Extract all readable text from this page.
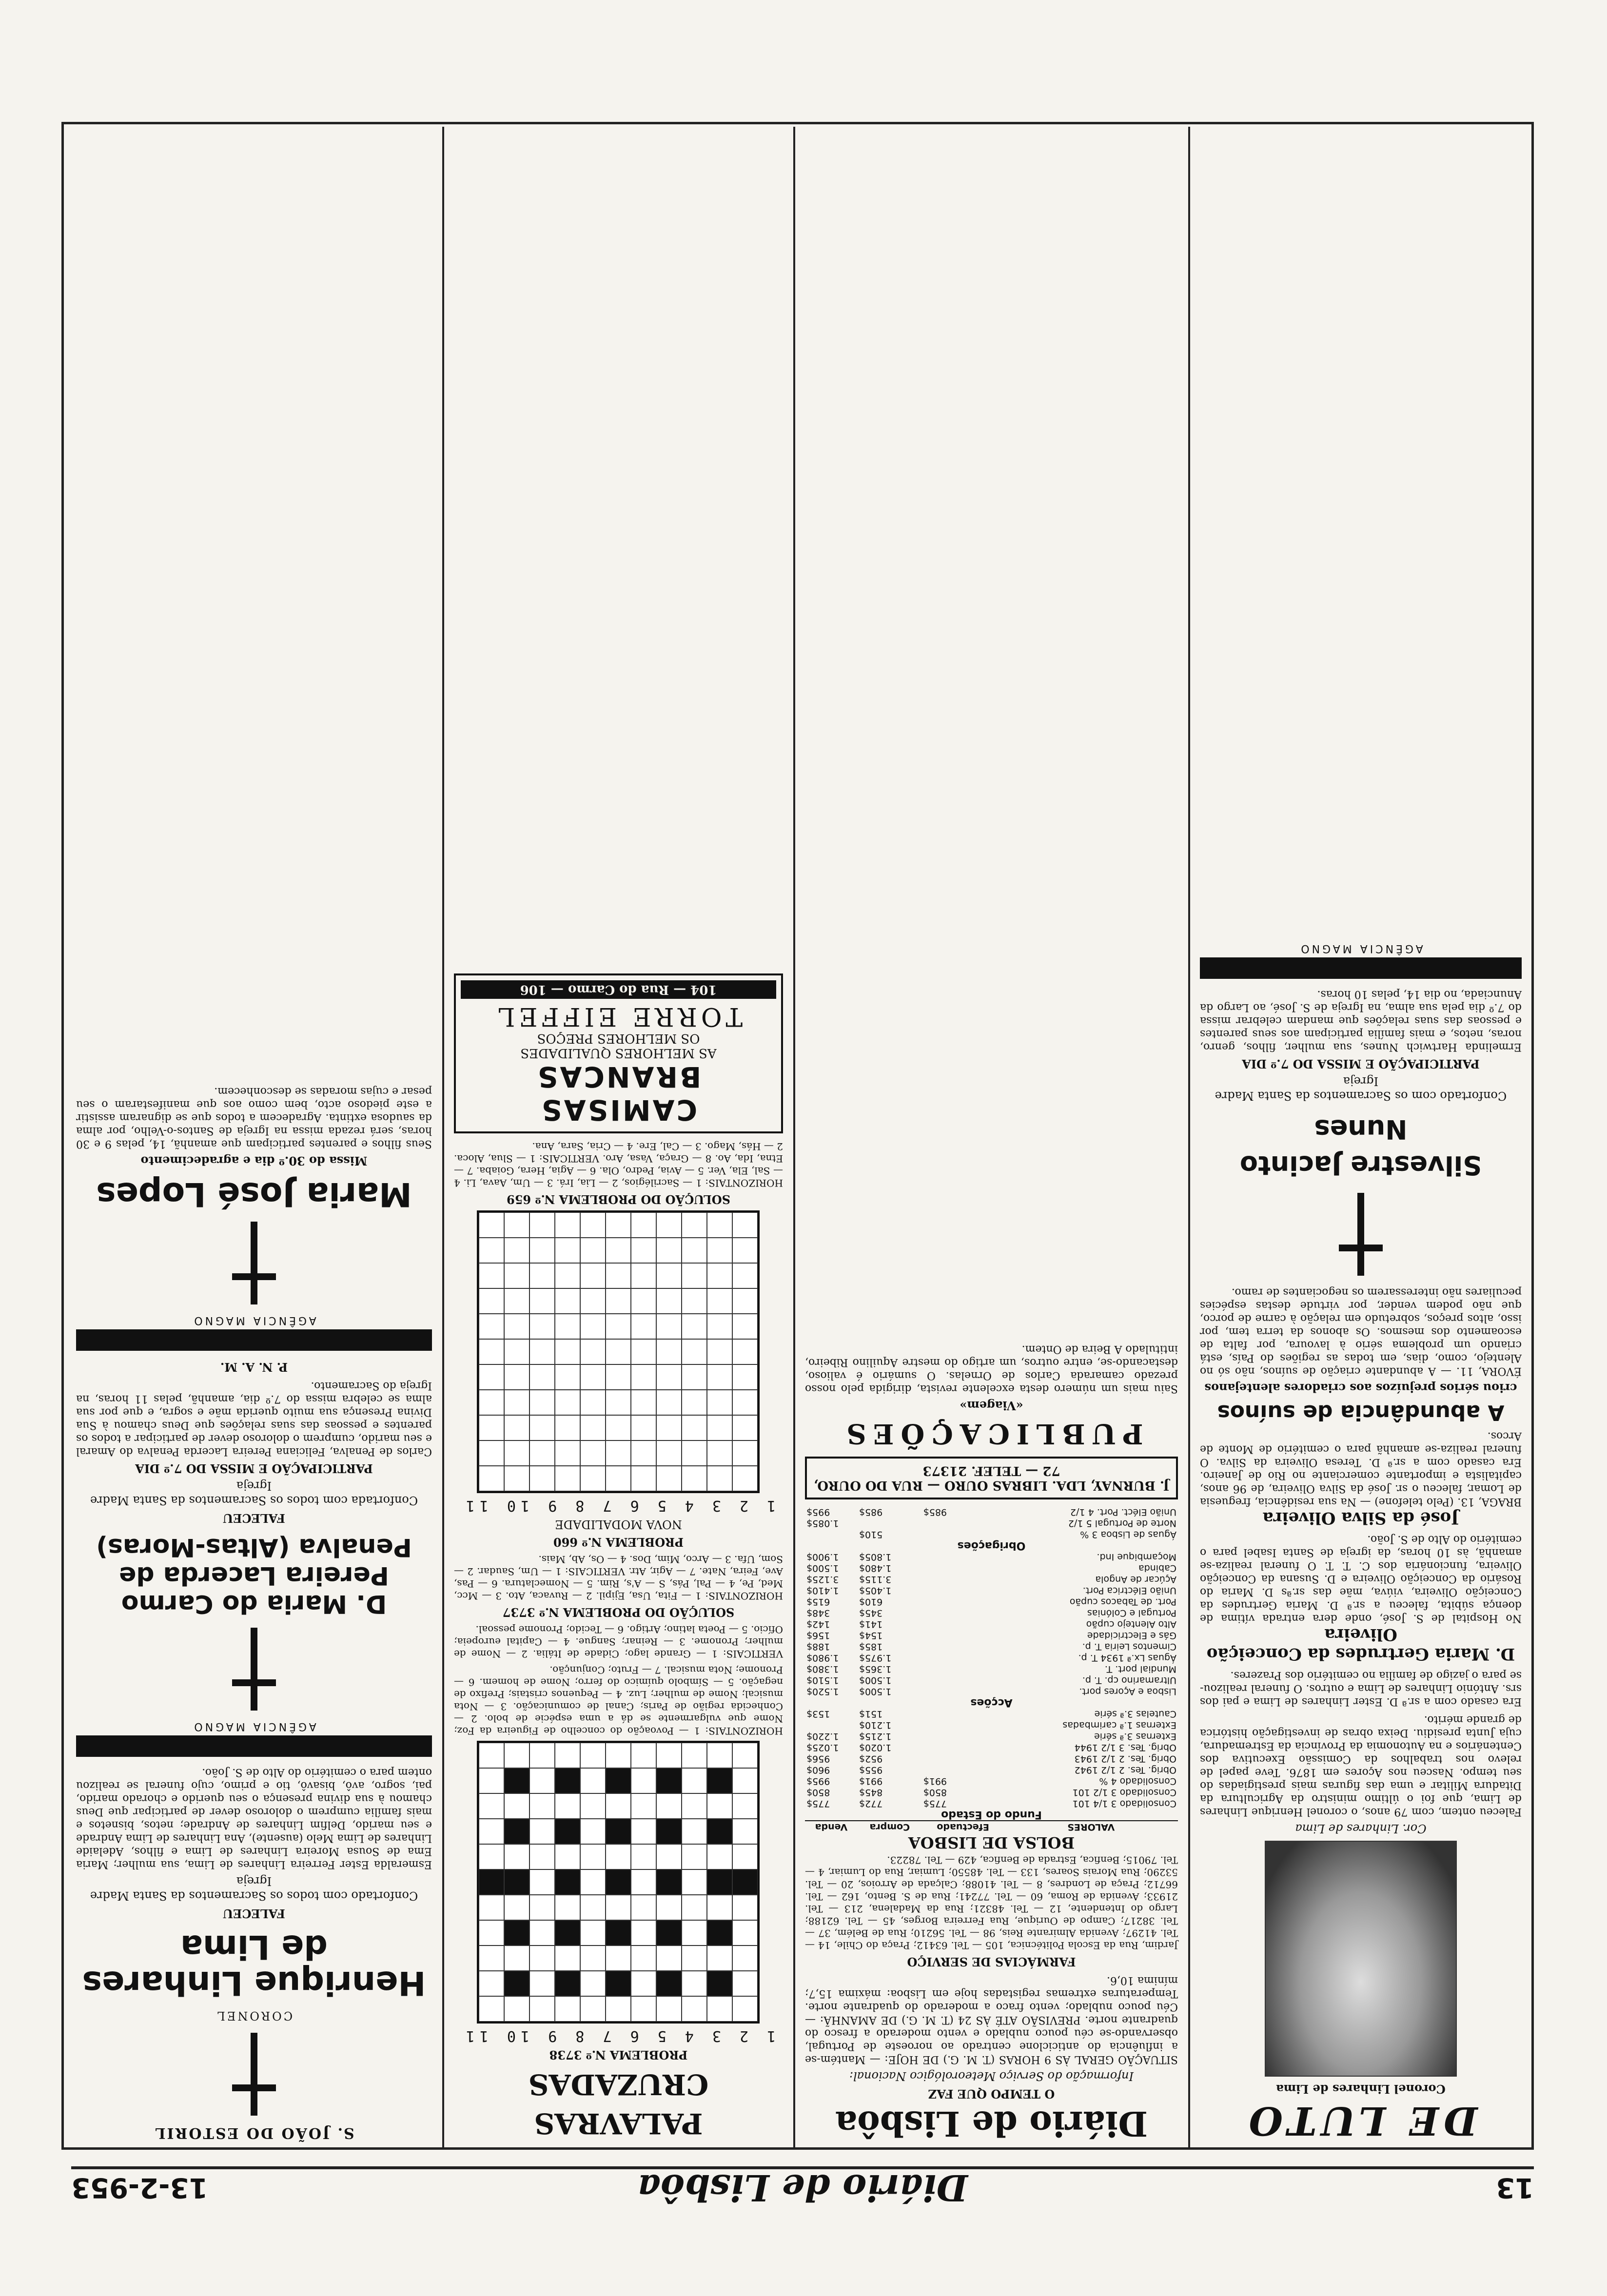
13
Diário de Lisbôa
13-2-953
DE LUTO
Coronel Linhares de Lima
Cor. Linhares de Lima

Faleceu ontem, com 79 anos, o coronel Henrique Linhares de Lima, que foi o último ministro da Agricultura da Ditadura Militar e uma das figuras mais prestigiadas do seu tempo. Nasceu nos Açores em 1876. Teve papel de relevo nos trabalhos da Comissão Executiva dos Centenários e na Autonomia da Província da Estremadura, cuja Junta presidiu. Deixa obras de investigação histórica de grande mérito.

Era casado com a sr.ª D. Ester Linhares de Lima e pai dos srs. António Linhares de Lima e outros. O funeral realizou-se para o jazigo de família no cemitério dos Prazeres.

D. Maria Gertrudes da Conceição Oliveira

No Hospital de S. José, onde dera entrada vítima de doença súbita, faleceu a sr.ª D. Maria Gertrudes da Conceição Oliveira, viúva, mãe das sr.ªs D. Maria do Rosário da Conceição Oliveira e D. Susana da Conceição Oliveira, funcionária dos C. T. T. O funeral realiza-se amanhã, às 10 horas, da igreja de Santa Isabel para o cemitério do Alto de S. João.

José da Silva Oliveira

BRAGA, 13. (Pelo telefone) — Na sua residência, freguesia de Lomar, faleceu o sr. José da Silva Oliveira, de 96 anos, capitalista e importante comerciante no Rio de Janeiro. Era casado com a sr.ª D. Teresa Oliveira da Silva. O funeral realiza-se amanhã para o cemitério de Monte de Arcos.

A abundância de suínos
criou sérios prejuízos aos criadores alentejanos

ÉVORA, 11. — A abundante criação de suínos, não só no Alentejo, como, dias, em todas as regiões do País, está criando um problema sério à lavoura, por falta de escoamento dos mesmos. Os abonos da terra tem, por isso, altos preços, sobretudo em relação à carne de porco, que não podem vender, por virtude destas espécies peculiares não interessarem os negociantes de ramo.

Silvestre Jacinto Nunes
Confortado com os Sacramentos da Santa Madre Igreja
PARTICIPAÇÃO E MISSA DO 7.º DIA

Ermelinda Hartwich Nunes, sua mulher, filhos, genro, noras, netos, e mais família participam aos seus parentes e pessoas das suas relações que mandam celebrar missa do 7.º dia pela sua alma, na Igreja de S. José, ao Largo da Anunciada, no dia 14, pelas 10 horas.

AGÊNCIA MAGNO
Diário de Lisbôa
O TEMPO QUE FAZ
Informação do Serviço Meteorológico Nacional:

SITUAÇÃO GERAL ÀS 9 HORAS (T. M. G.) DE HOJE: — Mantém-se a influência do anticiclone centrado ao noroeste de Portugal, observando-se céu pouco nublado e vento moderado a fresco do quadrante norte. PREVISÃO ATÉ ÀS 24 (T. M. G.) DE AMANHÃ: — Céu pouco nublado; vento fraco a moderado do quadrante norte. Temperaturas extremas registadas hoje em Lisboa: máxima 15,7; mínima 10,6.

FARMÁCIAS DE SERVIÇO

Jardim, Rua da Escola Politécnica, 105 — Tel. 63412; Praça do Chile, 14 — Tel. 41297; Avenida Almirante Reis, 98 — Tel. 56210; Rua de Belém, 37 — Tel. 38217; Campo de Ourique, Rua Ferreira Borges, 45 — Tel. 62188; Largo do Intendente, 12 — Tel. 48321; Rua da Madalena, 213 — Tel. 21933; Avenida de Roma, 60 — Tel. 77241; Rua de S. Bento, 162 — Tel. 66712; Praça de Londres, 8 — Tel. 41088; Calçada de Arroios, 20 — Tel. 53290; Rua Morais Soares, 133 — Tel. 48550; Lumiar, Rua do Lumiar, 4 — Tel. 79015; Benfica, Estrada de Benfica, 429 — Tel. 78223.

BOLSA DE LISBOA
VALORES	Efectuado	Compra	Venda
Fundo do Estado			
Consolidado 3 1/4 101	775$	772$	775$
Consolidado 3 1/2 101	850$	845$	850$
Consolidado 4 %	991$	991$	995$
Obrig. Tes. 2 1/2 1942		955$	960$
Obrig. Tes. 2 1/2 1943		952$	956$
Obrig. Tes. 3 1/2 1944		1.020$	1.025$
Externas 3.ª série		1.215$	1.220$
Externas 1.ª carimbadas		1.210$	
Cautelas 3.ª série		151$	153$
Acções			
Lisboa e Açores port.		1.500$	1.520$
Ultramarino cp. T. p.		1.500$	1.510$
Mundial port. T.		1.365$	1.380$
Águas Lx.ª 1934 T. p.		1.975$	1.980$
Cimentos Leiria T. p.		185$	188$
Gás e Electricidade		154$	156$
Alto Alentejo cupão		141$	142$
Portugal e Colónias		345$	348$
Port. de Tabacos cupão		610$	615$
União Eléctrica Port.		1.405$	1.410$
Açúcar de Angola		3.115$	3.125$
Cabinda		1.480$	1.500$
Moçambique Ind.		1.805$	1.900$
Obrigações			
Águas de Lisboa 3 %		510$	
Norte de Portugal 5 1/2			1.085$
União Eléct. Port. 4 1/2	985$	985$	995$
J. BURNAY, LDA. LIBRAS OURO — RUA DO OURO, 72 — TELEF. 21373
PUBLICAÇÕES
«Viagem»

Saiu mais um número desta excelente revista, dirigida pelo nosso prezado camarada Carlos de Ornelas. O sumário é valioso, destacando-se, entre outros, um artigo do mestre Aquilino Ribeiro, intitulado A Beira de Ontem.

PALAVRAS CRUZADAS
PROBLEMA N.º 3738
1 2 3 4 5 6 7 8 9 10 11

HORIZONTAIS: 1 — Povoação do concelho de Figueira da Foz; Nome que vulgarmente se dá a uma espécie de bolo. 2 — Conhecida região de Paris; Canal de comunicação. 3 — Nota musical; Nome de mulher; Luz. 4 — Pequenos cristais; Prefixo de negação. 5 — Símbolo químico do ferro; Nome de homem. 6 — Pronome; Nota musical. 7 — Fruto; Conjunção.

VERTICAIS: 1 — Grande lago; Cidade de Itália. 2 — Nome de mulher; Pronome. 3 — Reinar; Sangue. 4 — Capital europeia; Ofício. 5 — Poeta latino; Artigo. 6 — Tecido; Pronome pessoal.

SOLUÇÃO DO PROBLEMA N.º 3737

HORIZONTAIS: 1 — Fita, Usa, Ejipil. 2 — Ruvaca, Ato. 3 — Mcc, Med, Pe, 4 — Pal, Pás, S — A's, Rim. 5 — Nomeclatura. 6 — Pas, Ave, Feira, Nate. 7 — Agir, Atr. VERTICAIS: 1 — Um, Saudar. 2 — Som, Ufa. 3 — Arco, Mim, Dos. 4 — Os, Ab, Mais.

PROBLEMA N.º 660
NOVA MODALIDADE
1 2 3 4 5 6 7 8 9 10 11
SOLUÇÃO DO PROBLEMA N.º 659

HORIZONTAIS: 1 — Sacrilégios, 2 — Lia, Irá. 3 — Um, Aava, Li. 4 — Sal, Ela, Ver. 5 — Avia, Pedro, Ola. 6 — Agia, Hera, Goiaba. 7 — Etna, Ida, Ao. 8 — Graça, Vasa, Aro. VERTICAIS: 1 — Slua, Aloca. 2 — Hás, Mago. 3 — Cal, Ere. 4 — Cria, Sara, Ana.

CAMISAS BRANCAS
AS MELHORES QUALIDADES
OS MELHORES PREÇOS
TORRE EIFFEL
104 — Rua do Carmo — 106
S. JOÃO DO ESTORIL
CORONEL
Henrique Linhares de Lima
FALECEU
Confortado com todos os Sacramentos da Santa Madre Igreja

Esmeralda Ester Ferreira Linhares de Lima, sua mulher; Maria Ema de Sousa Moreira Linhares de Lima e filhos, Adelaide Linhares de Lima Melo (ausente), Ana Linhares de Lima Andrade e seu marido, Delfim Linhares de Andrade; netos, bisnetos e mais família cumprem o doloroso dever de participar que Deus chamou à sua divina presença o seu querido e chorado marido, pai, sogro, avô, bisavô, tio e primo, cujo funeral se realizou ontem para o cemitério do Alto de S. João.

AGÊNCIA MAGNO
D. Maria do Carmo Pereira Lacerda de Penalva (Altas-Moras)
FALECEU
Confortada com todos os Sacramentos da Santa Madre Igreja
PARTICIPAÇÃO E MISSA DO 7.º DIA

Carlos de Penalva, Feliciana Pereira Lacerda Penalva do Amaral e seu marido, cumprem o doloroso dever de participar a todos os parentes e pessoas das suas relações que Deus chamou à Sua Divina Presença sua muito querida mãe e sogra, e que por sua alma se celebra missa do 7.º dia, amanhã, pelas 11 horas, na Igreja do Sacramento.

P. N. A. M.
AGÊNCIA MAGNO
Maria José Lopes
Missa do 30.º dia e agradecimento

Seus filhos e parentes participam que amanhã, 14, pelas 9 e 30 horas, será rezada missa na Igreja de Santos-o-Velho, por alma da saudosa extinta. Agradecem a todos que se dignaram assistir a este piedoso acto, bem como aos que manifestaram o seu pesar e cujas moradas se desconhecem.
